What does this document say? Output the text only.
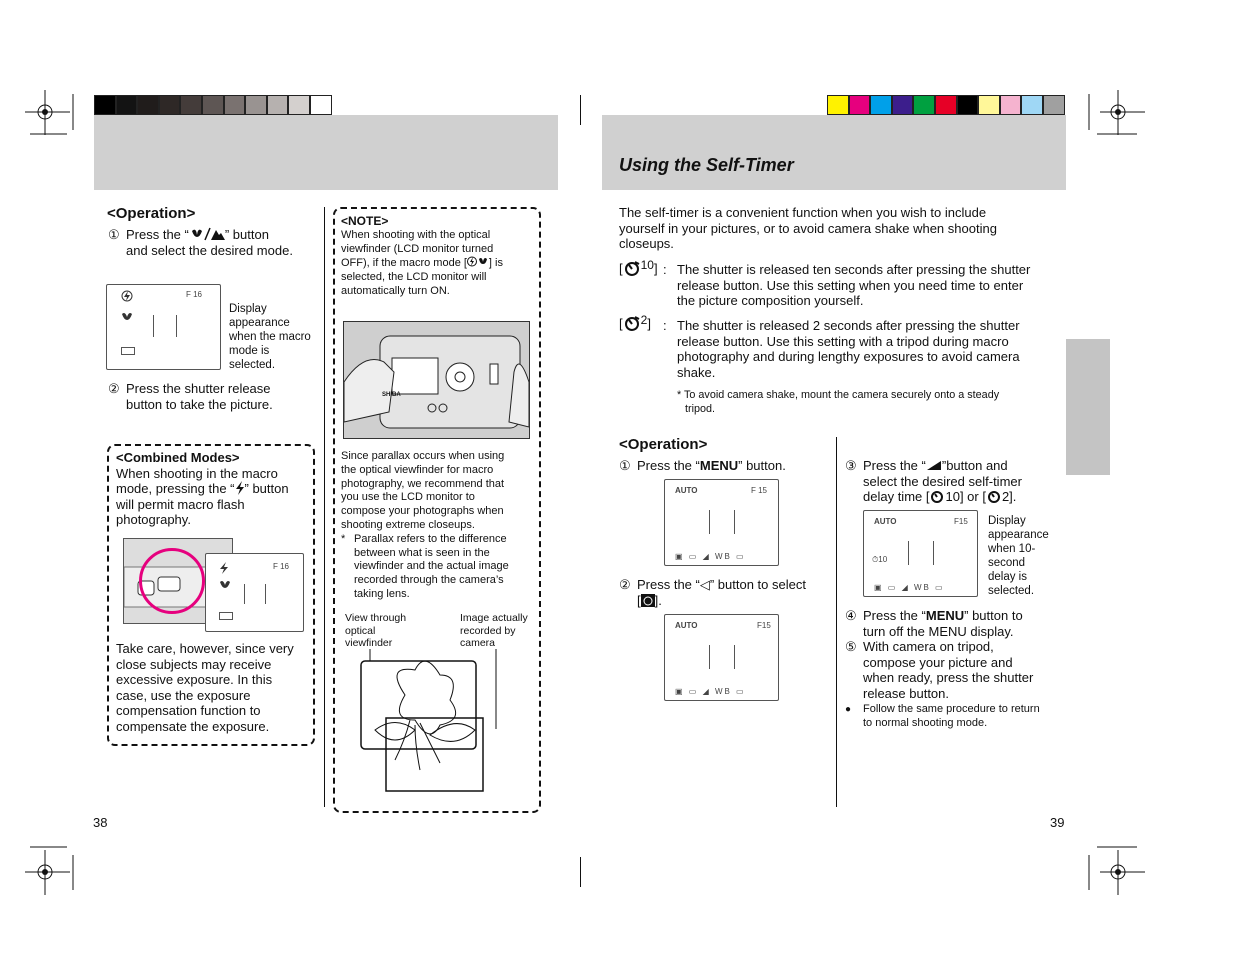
Using the Self-Timer
<Operation>
① Press the “	” button
and select the desired mode.
F 16
Display
appearance
when the macro
mode is
selected.
② Press the shutter release
button to take the picture.
<Combined Modes>
When shooting in the macro
mode, pressing the “ ” button
will permit macro flash
photography.
F 16
Take care, however, since very
close subjects may receive
excessive exposure. In this
case, use the exposure
compensation function to
compensate the exposure.
38
<NOTE>
When shooting with the optical
viewfinder (LCD monitor turned
OFF), if the macro mode [ ] is
selected, the LCD monitor will
automatically turn ON.
SHIBA
Since parallax occurs when using
the optical viewfinder for macro
photography, we recommend that
you use the LCD monitor to
compose your photographs when
shooting extreme closeups.
* Parallax refers to the difference
between what is seen in the
viewfinder and the actual image
recorded through the camera’s
taking lens.
View through
optical
viewfinder
Image actually
recorded by
camera
The self-timer is a convenient function when you wish to include
yourself in your pictures, or to avoid camera shake when shooting
closeups.
[ 10] : The shutter is released ten seconds after pressing the shutter
release button. Use this setting when you need time to enter
the picture composition yourself.
[ 2] : The shutter is released 2 seconds after pressing the shutter
release button. Use this setting with a tripod during macro
photography and during lengthy exposures to avoid camera
shake.
* To avoid camera shake, mount the camera securely onto a steady
tripod.
<Operation>
① Press the “MENU” button.
AUTO	F 15
▣ ▭ ◢ WB ▭
② Press the “◁” button to select
[ ].
AUTO	F15
▣ ▭ ◢ WB ▭
③ Press the “ ”button and
select the desired self-timer
delay time [ 10] or [ 2].
AUTO	F15
⏱10
▣ ▭ ◢ WB ▭
Display
appearance
when 10-
second
delay is
selected.
④ Press the “MENU” button to
turn off the MENU display.
⑤ With camera on tripod,
compose your picture and
when ready, press the shutter
release button.
● Follow the same procedure to return
to normal shooting mode.
39
